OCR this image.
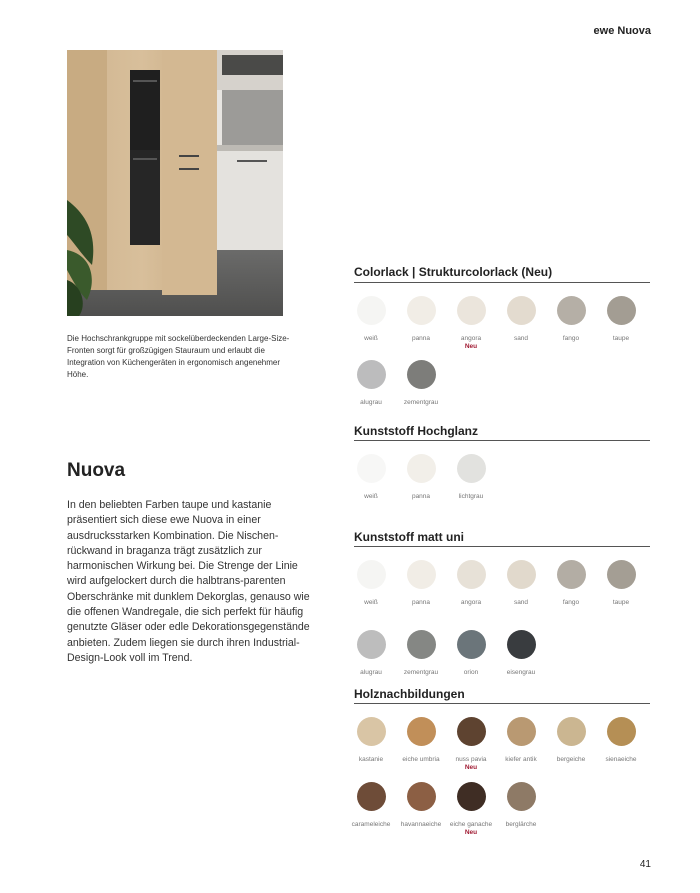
ewe Nuova
Die Hochschrankgruppe mit sockelüberdeckenden Large-Size-Fronten sorgt für großzügigen Stauraum und erlaubt die Integration von Küchengeräten in ergonomisch angenehmer Höhe.
Nuova
In den beliebten Farben taupe und kastanie präsentiert sich diese ewe Nuova in einer ausdrucksstarken Kombination. Die Nischen-rückwand in braganza trägt zusätzlich zur harmonischen Wirkung bei. Die Strenge der Linie wird aufgelockert durch die halbtrans-parenten Oberschränke mit dunklem Dekorglas, genauso wie die offenen Wandregale, die sich perfekt für häufig genutzte Gläser oder edle Dekorationsgegenstände anbieten. Zudem liegen sie durch ihren Industrial-Design-Look voll im Trend.
Colorlack | Strukturcolorlack (Neu)
weiß	panna	angora
Neu
sand	fango	taupe
alugrau	zementgrau
Kunststoff Hochglanz
weiß	panna	lichtgrau
Kunststoff matt uni
weiß	panna	angora	sand	fango	taupe
alugrau	zementgrau	orion	eisengrau
Holznachbildungen
kastanie	eiche umbria	nuss pavia
Neu
kiefer antik	bergeiche	sienaeiche
carameleiche	havannaeiche	eiche ganache
Neu
berglärche
41
